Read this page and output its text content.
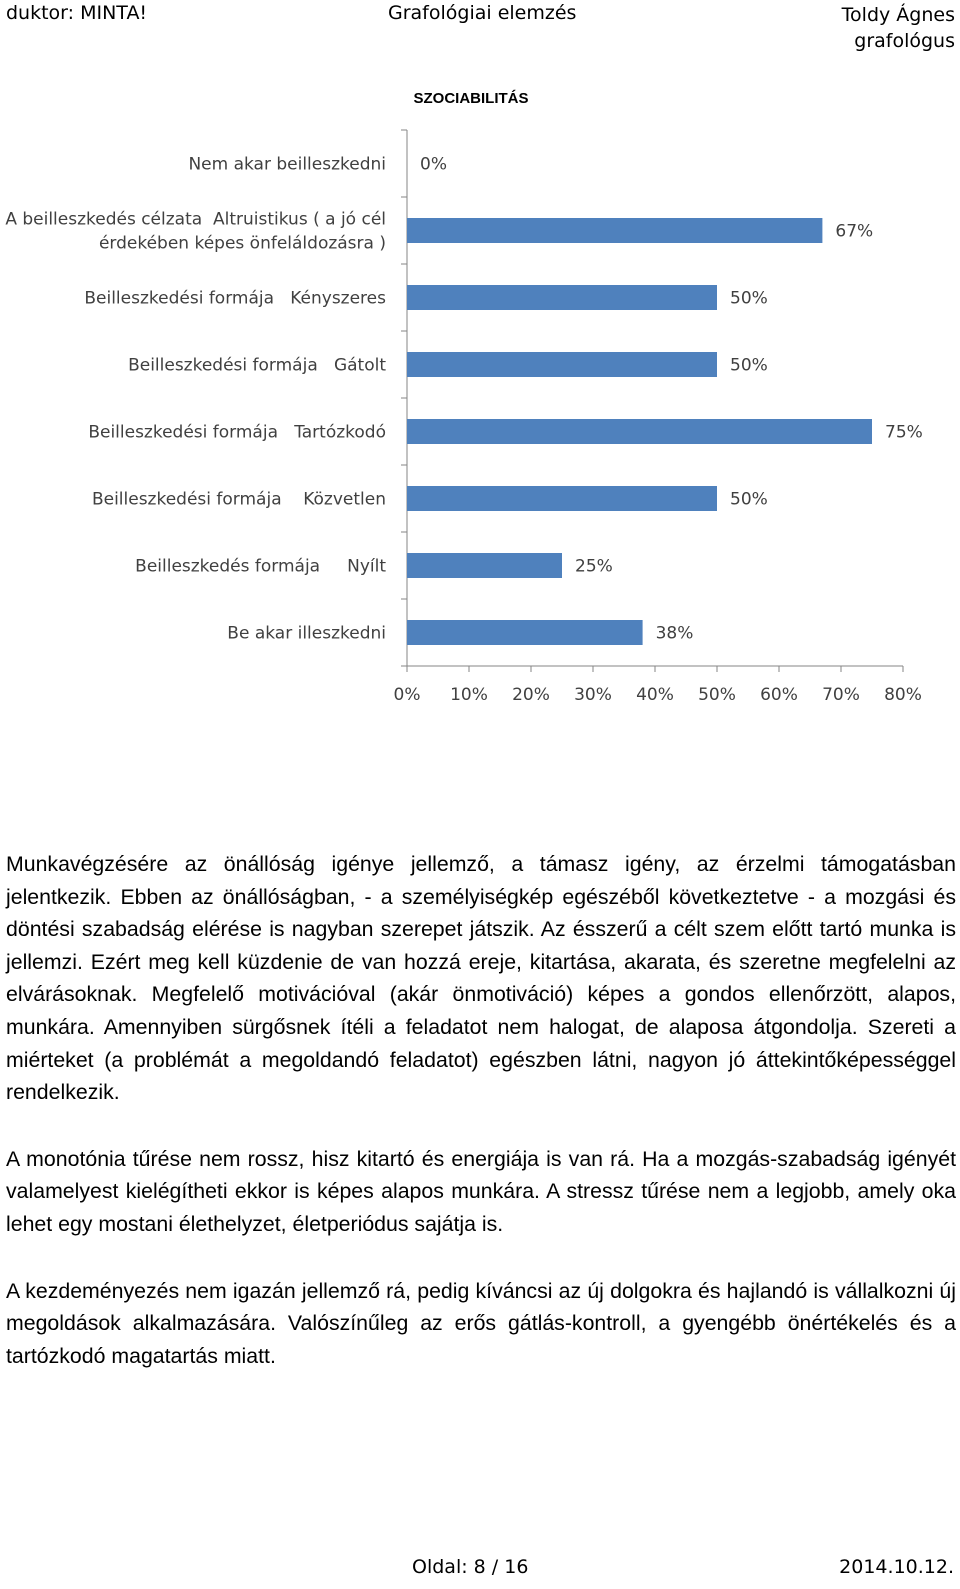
duktor: MINTA!	Grafológiai elemzés	Toldy Ágnes
grafológus
SZOCIABILITÁS
0% 10% 20% 30% 40% 50% 60% 70% 80%
0%
Nem akar beilleszkedni
67%
A beilleszkedés célzata  Altruistikus ( a jó cél
érdekében képes önfeláldozásra )
50%
Beilleszkedési formája   Kényszeres
50%
Beilleszkedési formája   Gátolt
75%
Beilleszkedési formája   Tartózkodó
50%
Beilleszkedési formája    Közvetlen
25%
Beilleszkedés formája     Nyílt
38%
Be akar illeszkedni

Munkavégzésére az önállóság igénye jellemző, a támasz igény, az érzelmi támogatásban jelentkezik. Ebben az önállóságban, - a személyiségkép egészéből következtetve - a mozgási és döntési szabadság elérése is nagyban szerepet játszik. Az ésszerű a célt szem előtt tartó munka is jellemzi. Ezért meg kell küzdenie de van hozzá ereje, kitartása, akarata, és szeretne megfelelni az elvárásoknak. Megfelelő motivációval (akár önmotiváció) képes a gondos ellenőrzött, alapos, munkára. Amennyiben sürgősnek ítéli a feladatot nem halogat, de alaposa átgondolja. Szereti a miérteket (a problémát a megoldandó feladatot) egészben látni, nagyon jó áttekintőképességgel rendelkezik.

A monotónia tűrése nem rossz, hisz kitartó és energiája is van rá. Ha a mozgás-szabadság igényét valamelyest kielégítheti ekkor is képes alapos munkára. A stressz tűrése nem a legjobb, amely oka lehet egy mostani élethelyzet, életperiódus sajátja is.

A kezdeményezés nem igazán jellemző rá, pedig kíváncsi az új dolgokra és hajlandó is vállalkozni új megoldások alkalmazására. Valószínűleg az erős gátlás-kontroll, a gyengébb önértékelés és a tartózkodó magatartás miatt.

Oldal: 8 / 16	2014.10.12.
